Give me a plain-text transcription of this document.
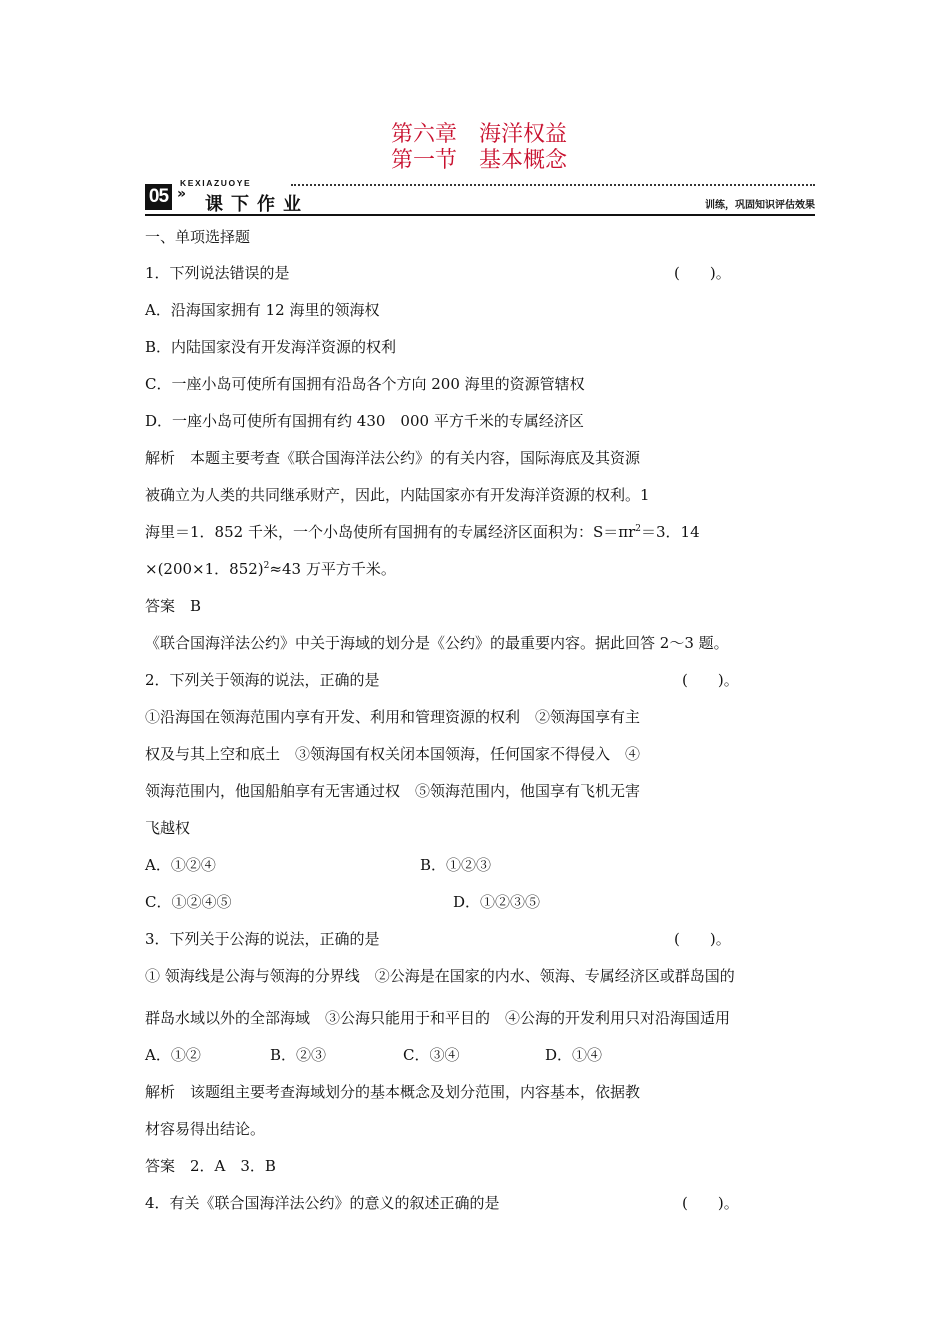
第六章　海洋权益
第一节　基本概念
05
KEXIAZUOYE
» 课下作业	训练，巩固知识评估效果
一、单项选择题
1．下列说法错误的是	(　　)。
A．沿海国家拥有 12 海里的领海权
B．内陆国家没有开发海洋资源的权利
C．一座小岛可使所有国拥有沿岛各个方向 200 海里的资源管辖权
D．一座小岛可使所有国拥有约 430　000 平方千米的专属经济区
解析　本题主要考查《联合国海洋法公约》的有关内容，国际海底及其资源
被确立为人类的共同继承财产，因此，内陆国家亦有开发海洋资源的权利。1
海里＝1．852 千米，一个小岛使所有国拥有的专属经济区面积为：$S=\pi r^2=3$．14
×(200×1．852)$^2$≈43 万平方千米。
答案　B
《联合国海洋法公约》中关于海域的划分是《公约》的最重要内容。据此回答 2～3 题。
2．下列关于领海的说法，正确的是	(　　)。
①沿海国在领海范围内享有开发、利用和管理资源的权利　②领海国享有主
权及与其上空和底土　③领海国有权关闭本国领海，任何国家不得侵入　④
领海范围内，他国船舶享有无害通过权　⑤领海范围内，他国享有飞机无害
飞越权
A．①②④	B．①②③
C．①②④⑤	D．①②③⑤
3．下列关于公海的说法，正确的是	(　　)。
① 领海线是公海与领海的分界线　②公海是在国家的内水、领海、专属经济区或群岛国的
群岛水域以外的全部海域　③公海只能用于和平目的　④公海的开发利用只对沿海国适用
A．①②	B．②③	C．③④	D．①④
解析　该题组主要考查海域划分的基本概念及划分范围，内容基本，依据教
材容易得出结论。
答案　2．A　3．B
4．有关《联合国海洋法公约》的意义的叙述正确的是	(　　)。
